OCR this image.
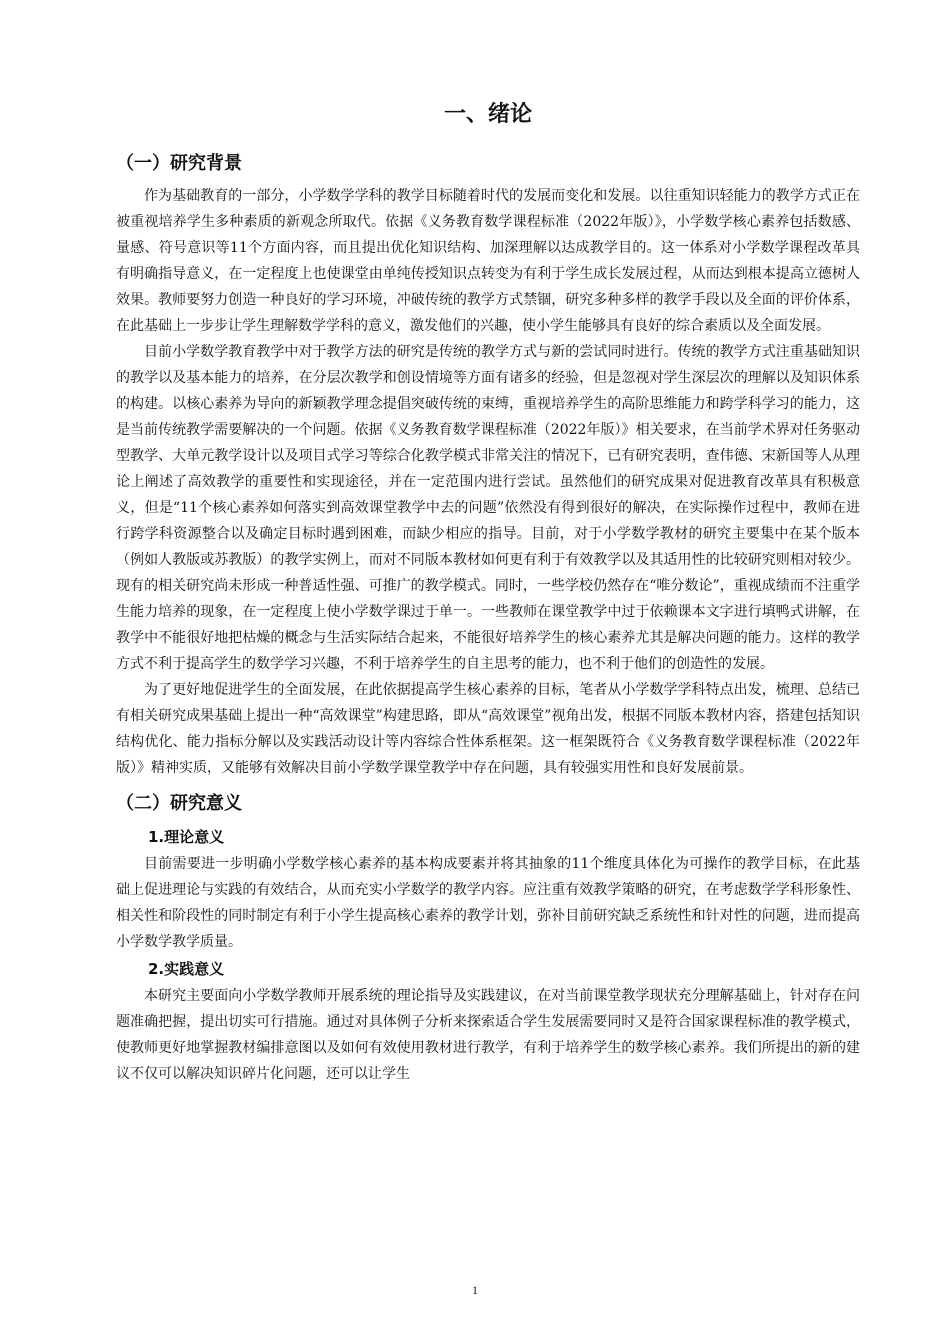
一、绪论
（一）研究背景

作为基础教育的一部分，小学数学学科的教学目标随着时代的发展而变化和发展。以往重知识轻能力的教学方式正在被重视培养学生多种素质的新观念所取代。依据《义务教育数学课程标准（2022年版）》，小学数学核心素养包括数感、量感、符号意识等11个方面内容，而且提出优化知识结构、加深理解以达成教学目的。这一体系对小学数学课程改革具有明确指导意义，在一定程度上也使课堂由单纯传授知识点转变为有利于学生成长发展过程，从而达到根本提高立德树人效果。教师要努力创造一种良好的学习环境，冲破传统的教学方式禁锢，研究多种多样的教学手段以及全面的评价体系，在此基础上一步步让学生理解数学学科的意义，激发他们的兴趣，使小学生能够具有良好的综合素质以及全面发展。

目前小学数学教育教学中对于教学方法的研究是传统的教学方式与新的尝试同时进行。传统的教学方式注重基础知识的教学以及基本能力的培养，在分层次教学和创设情境等方面有诸多的经验，但是忽视对学生深层次的理解以及知识体系的构建。以核心素养为导向的新颖教学理念提倡突破传统的束缚，重视培养学生的高阶思维能力和跨学科学习的能力，这是当前传统教学需要解决的一个问题。依据《义务教育数学课程标准（2022年版）》相关要求，在当前学术界对任务驱动型教学、大单元教学设计以及项目式学习等综合化教学模式非常关注的情况下，已有研究表明，查伟德、宋新国等人从理论上阐述了高效教学的重要性和实现途径，并在一定范围内进行尝试。虽然他们的研究成果对促进教育改革具有积极意义，但是“11个核心素养如何落实到高效课堂教学中去的问题”依然没有得到很好的解决，在实际操作过程中，教师在进行跨学科资源整合以及确定目标时遇到困难，而缺少相应的指导。目前，对于小学数学教材的研究主要集中在某个版本（例如人教版或苏教版）的教学实例上，而对不同版本教材如何更有利于有效教学以及其适用性的比较研究则相对较少。现有的相关研究尚未形成一种普适性强、可推广的教学模式。同时，一些学校仍然存在“唯分数论”，重视成绩而不注重学生能力培养的现象，在一定程度上使小学数学课过于单一。一些教师在课堂教学中过于依赖课本文字进行填鸭式讲解，在教学中不能很好地把枯燥的概念与生活实际结合起来，不能很好培养学生的核心素养尤其是解决问题的能力。这样的教学方式不利于提高学生的数学学习兴趣，不利于培养学生的自主思考的能力，也不利于他们的创造性的发展。

为了更好地促进学生的全面发展，在此依据提高学生核心素养的目标，笔者从小学数学学科特点出发，梳理、总结已有相关研究成果基础上提出一种“高效课堂”构建思路，即从“高效课堂”视角出发，根据不同版本教材内容，搭建包括知识结构优化、能力指标分解以及实践活动设计等内容综合性体系框架。这一框架既符合《义务教育数学课程标准（2022年版）》精神实质，又能够有效解决目前小学数学课堂教学中存在问题，具有较强实用性和良好发展前景。

（二）研究意义
1.理论意义

目前需要进一步明确小学数学核心素养的基本构成要素并将其抽象的11个维度具体化为可操作的教学目标，在此基础上促进理论与实践的有效结合，从而充实小学数学的教学内容。应注重有效教学策略的研究，在考虑数学学科形象性、相关性和阶段性的同时制定有利于小学生提高核心素养的教学计划，弥补目前研究缺乏系统性和针对性的问题，进而提高小学数学教学质量。

2.实践意义

本研究主要面向小学数学教师开展系统的理论指导及实践建议，在对当前课堂教学现状充分理解基础上，针对存在问题准确把握，提出切实可行措施。通过对具体例子分析来探索适合学生发展需要同时又是符合国家课程标准的教学模式，使教师更好地掌握教材编排意图以及如何有效使用教材进行教学，有利于培养学生的数学核心素养。我们所提出的新的建议不仅可以解决知识碎片化问题，还可以让学生

1
